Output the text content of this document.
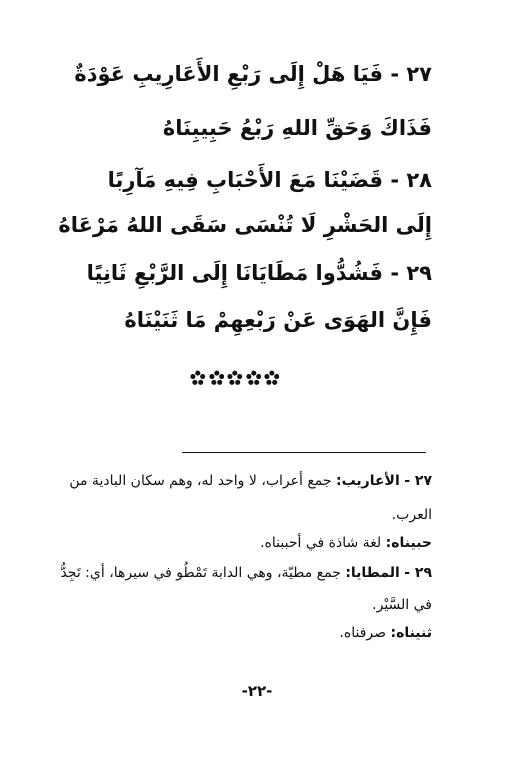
٢٧ - فَيَا هَلْ إِلَى رَبْعِ الأَعَارِيبِ عَوْدَةٌ
فَذَاكَ وَحَقِّ اللهِ رَبْعُ حَبِيبِنَاهُ
٢٨ - قَضَيْنَا مَعَ الأَحْبَابِ فِيهِ مَآرِبًا
إِلَى الحَشْرِ لَا تُنْسَى سَقَى اللهُ مَرْعَاهُ
٢٩ - فَشُدُّوا مَطَايَانَا إِلَى الرَّبْعِ ثَانِيًا
فَإِنَّ الهَوَى عَنْ رَبْعِهِمْ مَا ثَنَيْنَاهُ
٢٧ - الأعاريب: جمع أعراب، لا واحد له، وهم سكان البادية من
العرب.
حبيناه: لغة شاذة في أحببناه.
٢٩ - المطايا: جمع مطيّة، وهي الدابة تَمْطُو في سيرها، أي: تَجِدُّ
في السَّيْر.
ثنيناه: صرفناه.
-٢٢-
